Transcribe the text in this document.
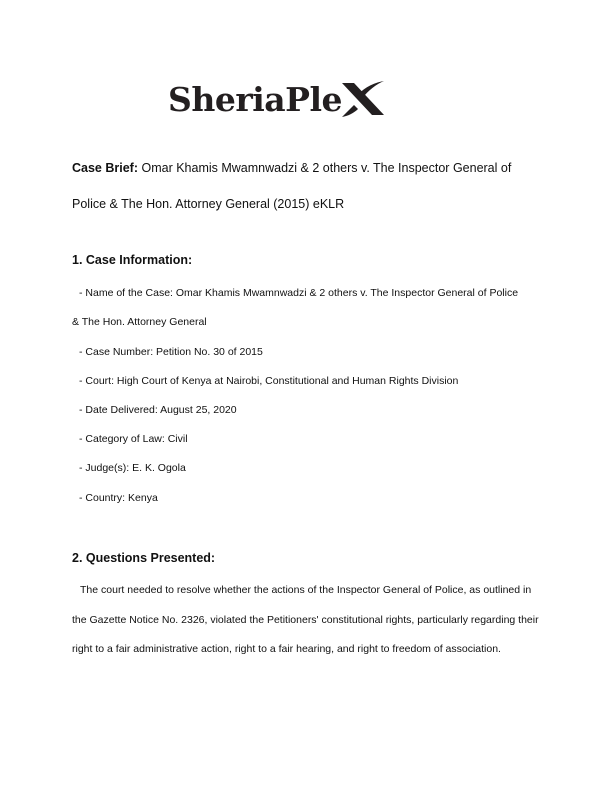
SheriaPle
Case Brief: Omar Khamis Mwamnwadzi & 2 others v. The Inspector General of Police & The Hon. Attorney General (2015) eKLR
1. Case Information:
- Name of the Case: Omar Khamis Mwamnwadzi & 2 others v. The Inspector General of Police
& The Hon. Attorney General
- Case Number: Petition No. 30 of 2015
- Court: High Court of Kenya at Nairobi, Constitutional and Human Rights Division
- Date Delivered: August 25, 2020
- Category of Law: Civil
- Judge(s): E. K. Ogola
- Country: Kenya
2. Questions Presented:
The court needed to resolve whether the actions of the Inspector General of Police, as outlined in the Gazette Notice No. 2326, violated the Petitioners' constitutional rights, particularly regarding their right to a fair administrative action, right to a fair hearing, and right to freedom of association.
